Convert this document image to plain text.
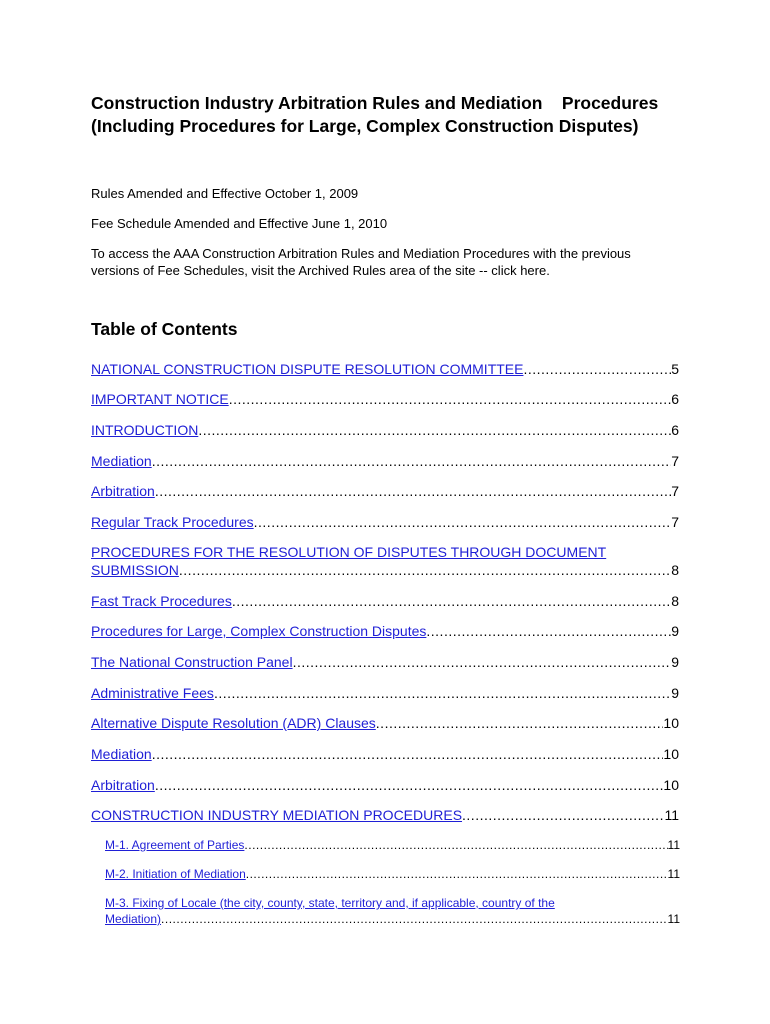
Construction Industry Arbitration Rules and Mediation    Procedures
(Including Procedures for Large, Complex Construction Disputes)
Rules Amended and Effective October 1, 2009
Fee Schedule Amended and Effective June 1, 2010
To access the AAA Construction Arbitration Rules and Mediation Procedures with the previous
versions of Fee Schedules, visit the Archived Rules area of the site -- click here.
Table of Contents
NATIONAL CONSTRUCTION DISPUTE RESOLUTION COMMITTEE .....	5
IMPORTANT NOTICE .....	6
INTRODUCTION .....	6
Mediation .....	7
Arbitration .....	7
Regular Track Procedures .....	7
PROCEDURES FOR THE RESOLUTION OF DISPUTES THROUGH DOCUMENT
SUBMISSION .....	8
Fast Track Procedures .....	8
Procedures for Large, Complex Construction Disputes .....	9
The National Construction Panel .....	9
Administrative Fees .....	9
Alternative Dispute Resolution (ADR) Clauses .....	10
Mediation .....	10
Arbitration .....	10
CONSTRUCTION INDUSTRY MEDIATION PROCEDURES .....	11
M-1. Agreement of Parties .....	11
M-2. Initiation of Mediation .....	11
M-3. Fixing of Locale (the city, county, state, territory and, if applicable, country of the
Mediation) .....	11
